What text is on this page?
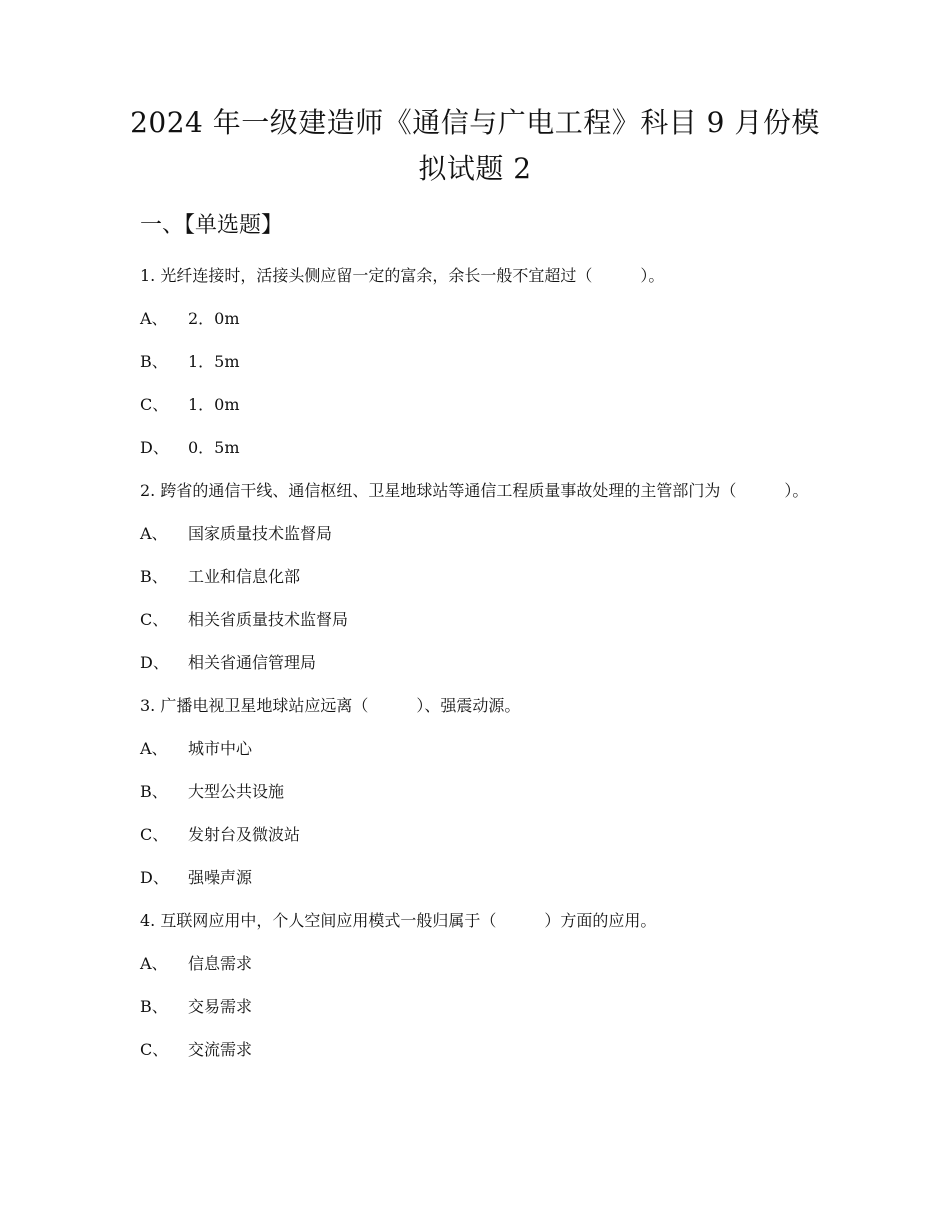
2024 年一级建造师《通信与广电工程》科目 9 月份模
拟试题 2
一、【单选题】

1. 光纤连接时，活接头侧应留一定的富余，余长一般不宜超过（　　　）。

A、	2．0m
B、	1．5m
C、	1．0m
D、	0．5m

2. 跨省的通信干线、通信枢纽、卫星地球站等通信工程质量事故处理的主管部门为（　　　）。

A、	国家质量技术监督局
B、	工业和信息化部
C、	相关省质量技术监督局
D、	相关省通信管理局

3. 广播电视卫星地球站应远离（　　　）、强震动源。

A、	城市中心
B、	大型公共设施
C、	发射台及微波站
D、	强噪声源

4. 互联网应用中，个人空间应用模式一般归属于（　　　）方面的应用。

A、	信息需求
B、	交易需求
C、	交流需求
